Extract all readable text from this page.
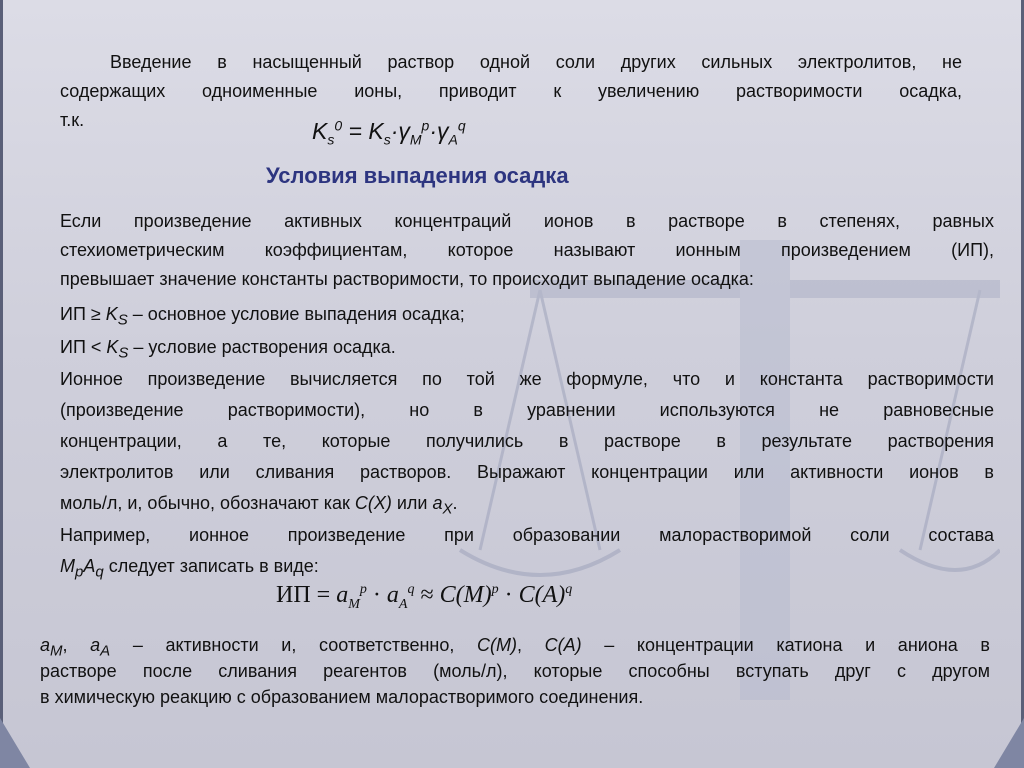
Введение в насыщенный раствор одной соли других сильных электролитов, не
содержащих одноименные ионы, приводит к увеличению растворимости осадка,
т.к.	$K_s^0 = K_s\cdot\gamma_M^p\cdot\gamma_A^q$
Условия выпадения осадка
Если произведение активных концентраций ионов в растворе в степенях, равных
стехиометрическим коэффициентам, которое называют ионным произведением (ИП),
превышает значение константы растворимости, то происходит выпадение осадка:
ИП ≥ $K_S$ – основное условие выпадения осадка;
ИП < $K_S$ – условие растворения осадка.
Ионное произведение вычисляется по той же формуле, что и константа растворимости
(произведение растворимости), но в уравнении используются не равновесные
концентрации, а те, которые получились в растворе в результате растворения
электролитов или сливания растворов. Выражают концентрации или активности ионов в
моль/л, и, обычно, обозначают как C(X) или $a_X$.
Например, ионное произведение при образовании малорастворимой соли состава
$M_pA_q$ следует записать в виде:
ИП = $a_M^p \cdot a_A^q \approx C(M)^p \cdot C(A)^q$
$a_M$, $a_A$ – активности и, соответственно, C(M), C(A) – концентрации катиона и аниона в
растворе после сливания реагентов (моль/л), которые способны вступать друг с другом
в химическую реакцию с образованием малорастворимого соединения.
